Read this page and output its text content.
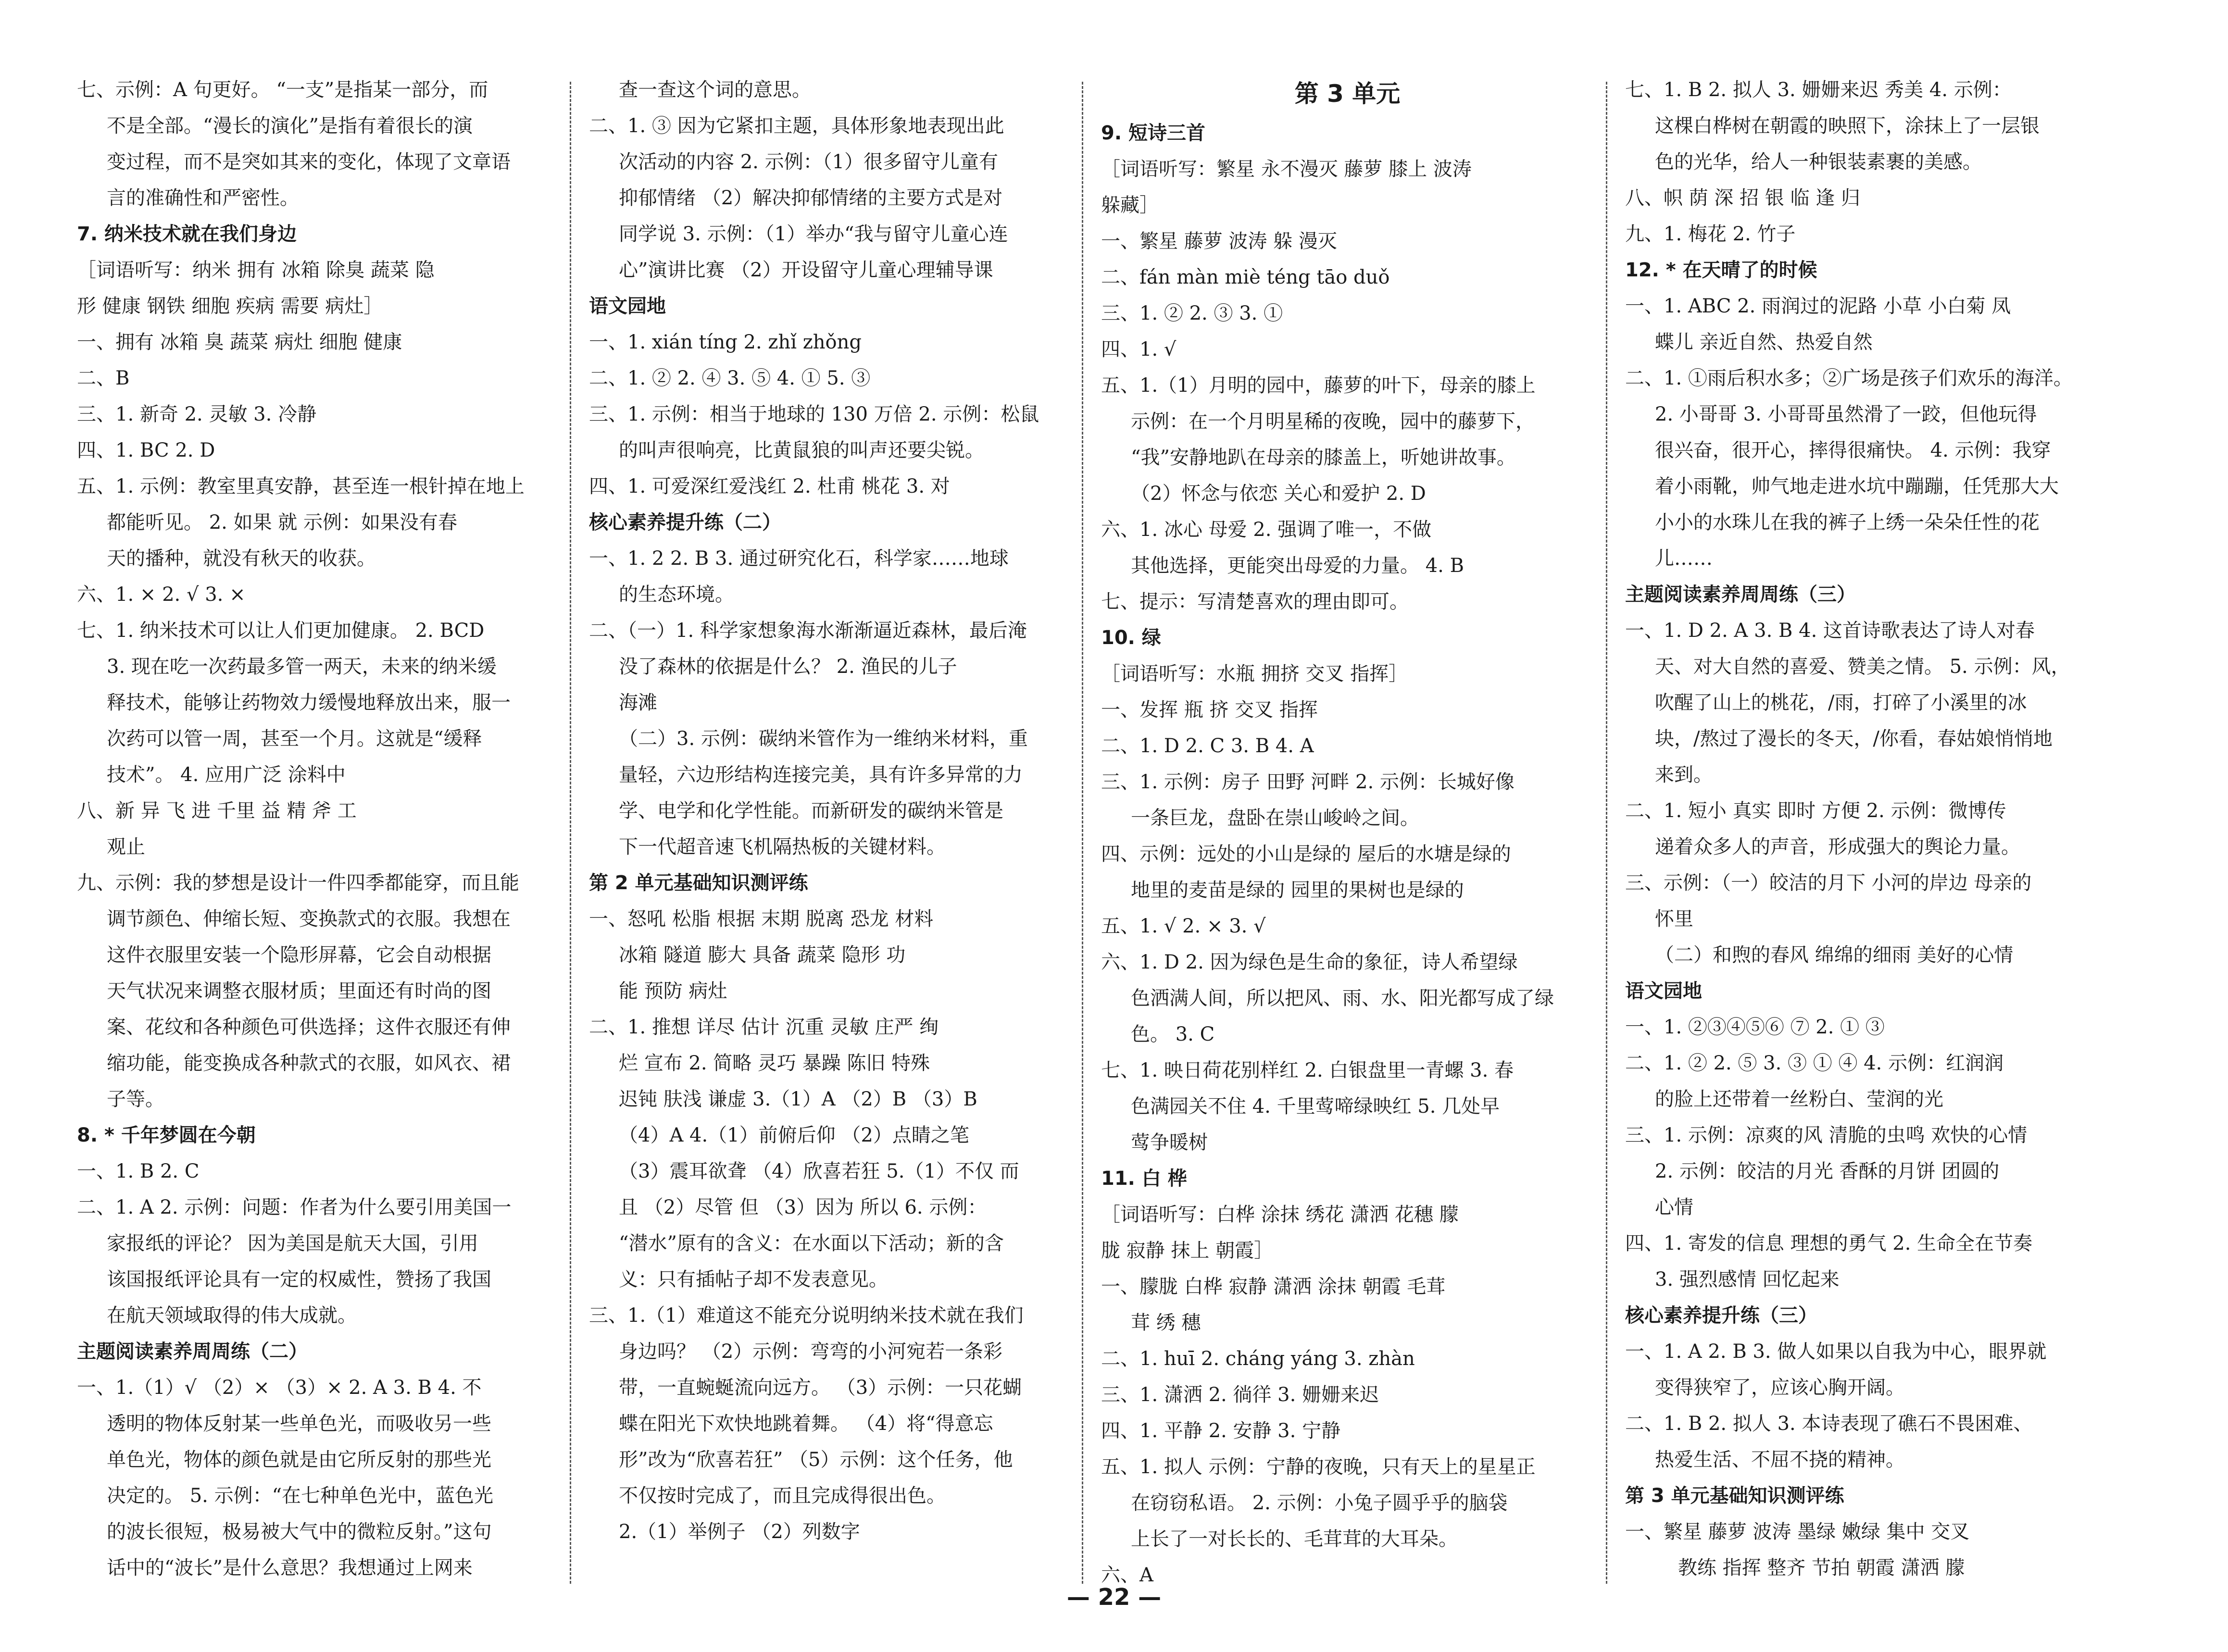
七、示例：A 句更好。 “一支”是指某一部分，而
不是全部。“漫长的演化”是指有着很长的演
变过程，而不是突如其来的变化，体现了文章语
言的准确性和严密性。
7. 纳米技术就在我们身边
［词语听写：纳米 拥有 冰箱 除臭 蔬菜 隐
形 健康 钢铁 细胞 疾病 需要 病灶］
一、拥有 冰箱 臭 蔬菜 病灶 细胞 健康
二、B
三、1. 新奇 2. 灵敏 3. 冷静
四、1. BC 2. D
五、1. 示例：教室里真安静，甚至连一根针掉在地上
都能听见。 2. 如果 就 示例：如果没有春
天的播种，就没有秋天的收获。
六、1. × 2. √ 3. ×
七、1. 纳米技术可以让人们更加健康。 2. BCD
3. 现在吃一次药最多管一两天，未来的纳米缓
释技术，能够让药物效力缓慢地释放出来，服一
次药可以管一周，甚至一个月。这就是“缓释
技术”。 4. 应用广泛 涂料中
八、新 异 飞 进 千里 益 精 斧 工
观止
九、示例：我的梦想是设计一件四季都能穿，而且能
调节颜色、伸缩长短、变换款式的衣服。我想在
这件衣服里安装一个隐形屏幕，它会自动根据
天气状况来调整衣服材质；里面还有时尚的图
案、花纹和各种颜色可供选择；这件衣服还有伸
缩功能，能变换成各种款式的衣服，如风衣、裙
子等。
8. * 千年梦圆在今朝
一、1. B 2. C
二、1. A 2. 示例：问题：作者为什么要引用美国一
家报纸的评论？ 因为美国是航天大国，引用
该国报纸评论具有一定的权威性，赞扬了我国
在航天领域取得的伟大成就。
主题阅读素养周周练（二）
一、1.（1）√ （2）× （3）× 2. A 3. B 4. 不
透明的物体反射某一些单色光，而吸收另一些
单色光，物体的颜色就是由它所反射的那些光
决定的。 5. 示例：“在七种单色光中，蓝色光
的波长很短，极易被大气中的微粒反射。”这句
话中的“波长”是什么意思？我想通过上网来
查一查这个词的意思。
二、1. ③ 因为它紧扣主题，具体形象地表现出此
次活动的内容 2. 示例：（1）很多留守儿童有
抑郁情绪 （2）解决抑郁情绪的主要方式是对
同学说 3. 示例：（1）举办“我与留守儿童心连
心”演讲比赛 （2）开设留守儿童心理辅导课
语文园地
一、1. xián tíng 2. zhǐ zhǒng
二、1. ② 2. ④ 3. ⑤ 4. ① 5. ③
三、1. 示例：相当于地球的 130 万倍 2. 示例：松鼠
的叫声很响亮，比黄鼠狼的叫声还要尖锐。
四、1. 可爱深红爱浅红 2. 杜甫 桃花 3. 对
核心素养提升练（二）
一、1. 2 2. B 3. 通过研究化石，科学家……地球
的生态环境。
二、（一）1. 科学家想象海水渐渐逼近森林，最后淹
没了森林的依据是什么？ 2. 渔民的儿子
海滩
（二）3. 示例：碳纳米管作为一维纳米材料，重
量轻，六边形结构连接完美，具有许多异常的力
学、电学和化学性能。而新研发的碳纳米管是
下一代超音速飞机隔热板的关键材料。
第 2 单元基础知识测评练
一、怒吼 松脂 根据 末期 脱离 恐龙 材料
冰箱 隧道 膨大 具备 蔬菜 隐形 功
能 预防 病灶
二、1. 推想 详尽 估计 沉重 灵敏 庄严 绚
烂 宣布 2. 简略 灵巧 暴躁 陈旧 特殊
迟钝 肤浅 谦虚 3.（1）A （2）B （3）B
（4）A 4.（1）前俯后仰 （2）点睛之笔
（3）震耳欲聋 （4）欣喜若狂 5.（1）不仅 而
且 （2）尽管 但 （3）因为 所以 6. 示例：
“潜水”原有的含义：在水面以下活动；新的含
义：只有插帖子却不发表意见。
三、1.（1）难道这不能充分说明纳米技术就在我们
身边吗？ （2）示例：弯弯的小河宛若一条彩
带，一直蜿蜒流向远方。 （3）示例：一只花蝴
蝶在阳光下欢快地跳着舞。 （4）将“得意忘
形”改为“欣喜若狂” （5）示例：这个任务，他
不仅按时完成了，而且完成得很出色。
2.（1）举例子 （2）列数字
第 3 单元
9. 短诗三首
［词语听写：繁星 永不漫灭 藤萝 膝上 波涛
躲藏］
一、繁星 藤萝 波涛 躲 漫灭
二、fán màn miè téng tāo duǒ
三、1. ② 2. ③ 3. ①
四、1. √
五、1.（1）月明的园中，藤萝的叶下，母亲的膝上
示例：在一个月明星稀的夜晚，园中的藤萝下，
“我”安静地趴在母亲的膝盖上，听她讲故事。
（2）怀念与依恋 关心和爱护 2. D
六、1. 冰心 母爱 2. 强调了唯一，不做
其他选择，更能突出母爱的力量。 4. B
七、提示：写清楚喜欢的理由即可。
10. 绿
［词语听写：水瓶 拥挤 交叉 指挥］
一、发挥 瓶 挤 交叉 指挥
二、1. D 2. C 3. B 4. A
三、1. 示例：房子 田野 河畔 2. 示例：长城好像
一条巨龙，盘卧在崇山峻岭之间。
四、示例：远处的小山是绿的 屋后的水塘是绿的
地里的麦苗是绿的 园里的果树也是绿的
五、1. √ 2. × 3. √
六、1. D 2. 因为绿色是生命的象征，诗人希望绿
色洒满人间，所以把风、雨、水、阳光都写成了绿
色。 3. C
七、1. 映日荷花别样红 2. 白银盘里一青螺 3. 春
色满园关不住 4. 千里莺啼绿映红 5. 几处早
莺争暖树
11. 白 桦
［词语听写：白桦 涂抹 绣花 潇洒 花穗 朦
胧 寂静 抹上 朝霞］
一、朦胧 白桦 寂静 潇洒 涂抹 朝霞 毛茸
茸 绣 穗
二、1. huī 2. cháng yáng 3. zhàn
三、1. 潇洒 2. 徜徉 3. 姗姗来迟
四、1. 平静 2. 安静 3. 宁静
五、1. 拟人 示例：宁静的夜晚，只有天上的星星正
在窃窃私语。 2. 示例：小兔子圆乎乎的脑袋
上长了一对长长的、毛茸茸的大耳朵。
六、A
七、1. B 2. 拟人 3. 姗姗来迟 秀美 4. 示例：
这棵白桦树在朝霞的映照下，涂抹上了一层银
色的光华，给人一种银装素裹的美感。
八、帜 荫 深 招 银 临 逢 归
九、1. 梅花 2. 竹子
12. * 在天晴了的时候
一、1. ABC 2. 雨润过的泥路 小草 小白菊 凤
蝶儿 亲近自然、热爱自然
二、1. ①雨后积水多；②广场是孩子们欢乐的海洋。
2. 小哥哥 3. 小哥哥虽然滑了一跤，但他玩得
很兴奋，很开心，摔得很痛快。 4. 示例：我穿
着小雨靴，帅气地走进水坑中蹦蹦，任凭那大大
小小的水珠儿在我的裤子上绣一朵朵任性的花
儿……
主题阅读素养周周练（三）
一、1. D 2. A 3. B 4. 这首诗歌表达了诗人对春
天、对大自然的喜爱、赞美之情。 5. 示例：风，
吹醒了山上的桃花，/雨，打碎了小溪里的冰
块，/熬过了漫长的冬天，/你看，春姑娘悄悄地
来到。
二、1. 短小 真实 即时 方便 2. 示例：微博传
递着众多人的声音，形成强大的舆论力量。
三、示例：（一）皎洁的月下 小河的岸边 母亲的
怀里
（二）和煦的春风 绵绵的细雨 美好的心情
语文园地
一、1. ②③④⑤⑥ ⑦ 2. ① ③
二、1. ② 2. ⑤ 3. ③ ① ④ 4. 示例：红润润
的脸上还带着一丝粉白、莹润的光
三、1. 示例：凉爽的风 清脆的虫鸣 欢快的心情
2. 示例：皎洁的月光 香酥的月饼 团圆的
心情
四、1. 寄发的信息 理想的勇气 2. 生命全在节奏
3. 强烈感情 回忆起来
核心素养提升练（三）
一、1. A 2. B 3. 做人如果以自我为中心，眼界就
变得狭窄了，应该心胸开阔。
二、1. B 2. 拟人 3. 本诗表现了礁石不畏困难、
热爱生活、不屈不挠的精神。
第 3 单元基础知识测评练
一、繁星 藤萝 波涛 墨绿 嫩绿 集中 交叉
教练 指挥 整齐 节拍 朝霞 潇洒 朦
— 22 —
